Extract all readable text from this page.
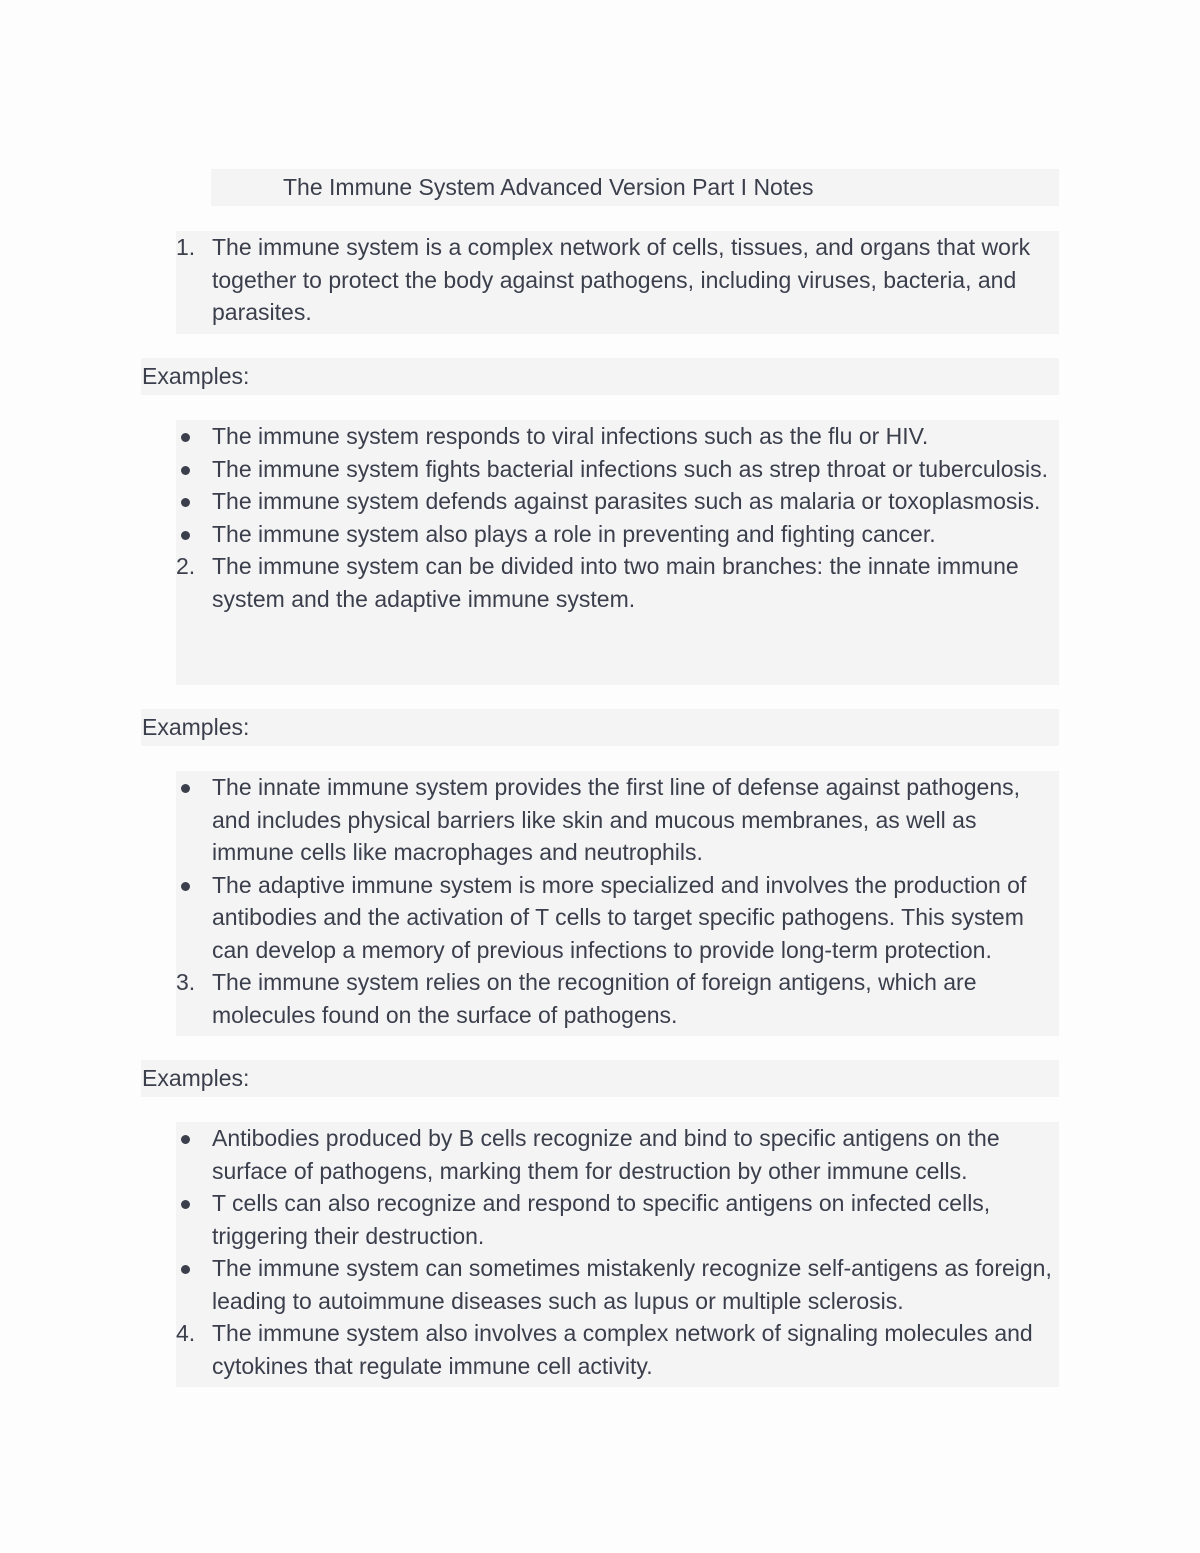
The Immune System Advanced Version Part I Notes
1. The immune system is a complex network of cells, tissues, and organs that work together to protect the body against pathogens, including viruses, bacteria, and parasites.
Examples:
The immune system responds to viral infections such as the flu or HIV.
The immune system fights bacterial infections such as strep throat or tuberculosis.
The immune system defends against parasites such as malaria or toxoplasmosis.
The immune system also plays a role in preventing and fighting cancer.
2. The immune system can be divided into two main branches: the innate immune system and the adaptive immune system.
Examples:
The innate immune system provides the first line of defense against pathogens, and includes physical barriers like skin and mucous membranes, as well as immune cells like macrophages and neutrophils.
The adaptive immune system is more specialized and involves the production of antibodies and the activation of T cells to target specific pathogens. This system can develop a memory of previous infections to provide long-term protection.
3. The immune system relies on the recognition of foreign antigens, which are molecules found on the surface of pathogens.
Examples:
Antibodies produced by B cells recognize and bind to specific antigens on the surface of pathogens, marking them for destruction by other immune cells.
T cells can also recognize and respond to specific antigens on infected cells, triggering their destruction.
The immune system can sometimes mistakenly recognize self-antigens as foreign, leading to autoimmune diseases such as lupus or multiple sclerosis.
4. The immune system also involves a complex network of signaling molecules and cytokines that regulate immune cell activity.
